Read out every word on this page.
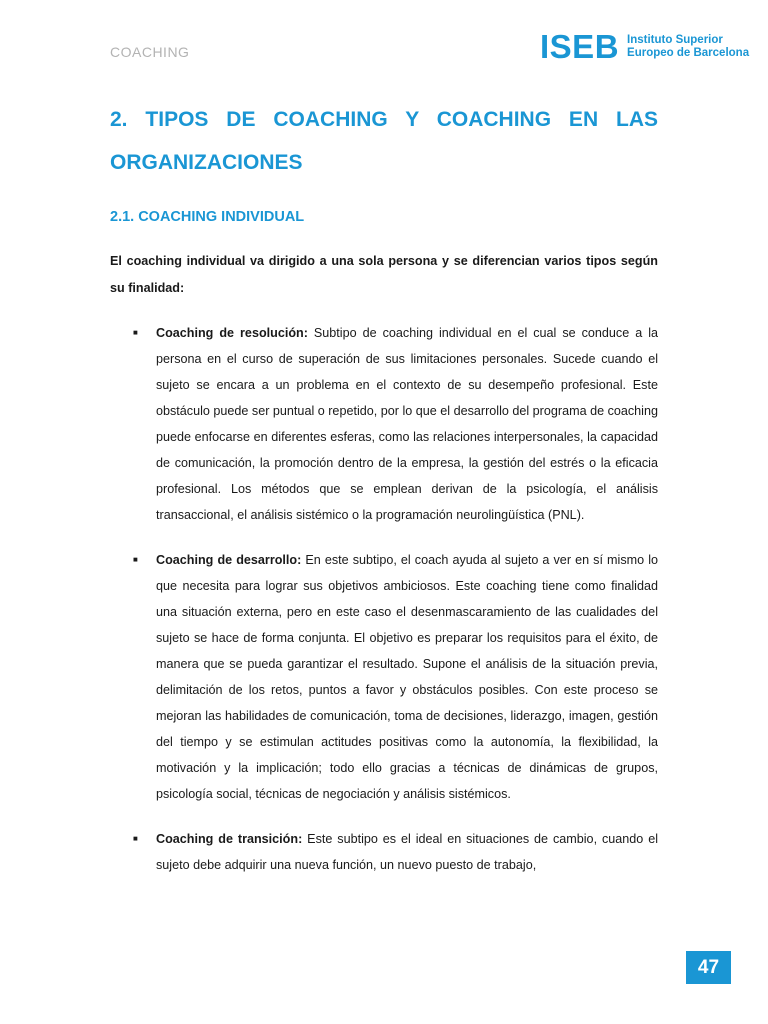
COACHING	ISEB Instituto Superior
Europeo de Barcelona
2. TIPOS DE COACHING Y COACHING EN LAS ORGANIZACIONES
2.1. COACHING INDIVIDUAL

El coaching individual va dirigido a una sola persona y se diferencian varios tipos según su finalidad:

■ Coaching de resolución: Subtipo de coaching individual en el cual se conduce a la persona en el curso de superación de sus limitaciones personales. Sucede cuando el sujeto se encara a un problema en el contexto de su desempeño profesional. Este obstáculo puede ser puntual o repetido, por lo que el desarrollo del programa de coaching puede enfocarse en diferentes esferas, como las relaciones interpersonales, la capacidad de comunicación, la promoción dentro de la empresa, la gestión del estrés o la eficacia profesional. Los métodos que se emplean derivan de la psicología, el análisis transaccional, el análisis sistémico o la programación neurolingüística (PNL).
■ Coaching de desarrollo: En este subtipo, el coach ayuda al sujeto a ver en sí mismo lo que necesita para lograr sus objetivos ambiciosos. Este coaching tiene como finalidad una situación externa, pero en este caso el desenmascaramiento de las cualidades del sujeto se hace de forma conjunta. El objetivo es preparar los requisitos para el éxito, de manera que se pueda garantizar el resultado. Supone el análisis de la situación previa, delimitación de los retos, puntos a favor y obstáculos posibles. Con este proceso se mejoran las habilidades de comunicación, toma de decisiones, liderazgo, imagen, gestión del tiempo y se estimulan actitudes positivas como la autonomía, la flexibilidad, la motivación y la implicación; todo ello gracias a técnicas de dinámicas de grupos, psicología social, técnicas de negociación y análisis sistémicos.
■ Coaching de transición: Este subtipo es el ideal en situaciones de cambio, cuando el sujeto debe adquirir una nueva función, un nuevo puesto de trabajo,
47
